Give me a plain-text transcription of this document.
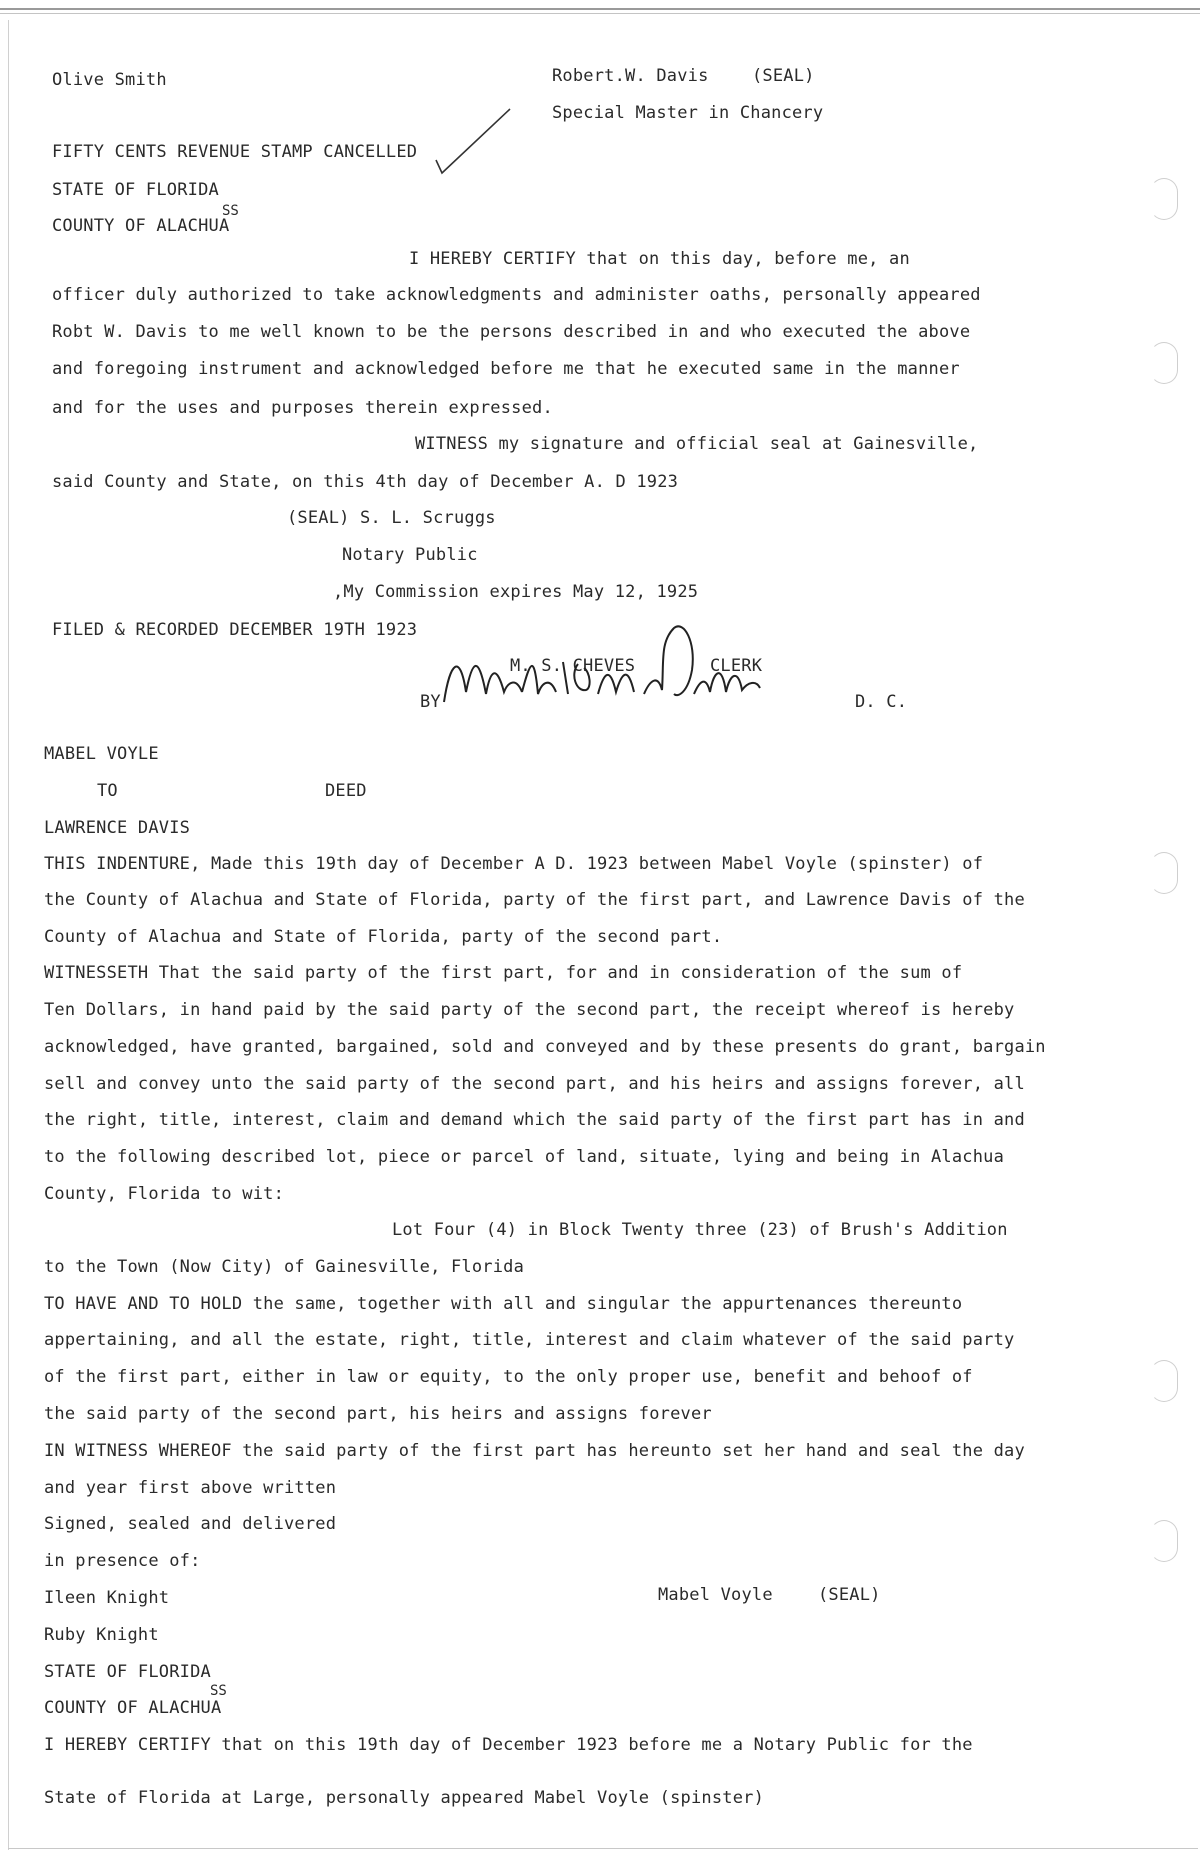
Olive Smith	Robert.W. Davis	(SEAL)
Special Master in Chancery
FIFTY CENTS REVENUE STAMP CANCELLED
STATE OF FLORIDA
SS
COUNTY OF ALACHUA
I HEREBY CERTIFY that on this day, before me, an
officer duly authorized to take acknowledgments and administer oaths, personally appeared
Robt W. Davis to me well known to be the persons described in and who executed the above
and foregoing instrument and acknowledged before me that he executed same in the manner
and for the uses and purposes therein expressed.
WITNESS my signature and official seal at Gainesville,
said County and State, on this 4th day of December A. D 1923
(SEAL) S. L. Scruggs
Notary Public
,My Commission expires May 12, 1925
FILED & RECORDED DECEMBER 19TH 1923
M. S. CHEVES	CLERK
BY	D. C.
MABEL VOYLE
TO	DEED
LAWRENCE DAVIS
THIS INDENTURE, Made this 19th day of December A D. 1923 between Mabel Voyle (spinster) of
the County of Alachua and State of Florida, party of the first part, and Lawrence Davis of the
County of Alachua and State of Florida, party of the second part.
WITNESSETH That the said party of the first part, for and in consideration of the sum of
Ten Dollars, in hand paid by the said party of the second part, the receipt whereof is hereby
acknowledged, have granted, bargained, sold and conveyed and by these presents do grant, bargain
sell and convey unto the said party of the second part, and his heirs and assigns forever, all
the right, title, interest, claim and demand which the said party of the first part has in and
to the following described lot, piece or parcel of land, situate, lying and being in Alachua
County, Florida to wit:
Lot Four (4) in Block Twenty three (23) of Brush's Addition
to the Town (Now City) of Gainesville, Florida
TO HAVE AND TO HOLD the same, together with all and singular the appurtenances thereunto
appertaining, and all the estate, right, title, interest and claim whatever of the said party
of the first part, either in law or equity, to the only proper use, benefit and behoof of
the said party of the second part, his heirs and assigns forever
IN WITNESS WHEREOF the said party of the first part has hereunto set her hand and seal the day
and year first above written
Signed, sealed and delivered
in presence of:
Ileen Knight	Mabel Voyle	(SEAL)
Ruby Knight
STATE OF FLORIDA
SS
COUNTY OF ALACHUA
I HEREBY CERTIFY that on this 19th day of December 1923 before me a Notary Public for the
State of Florida at Large, personally appeared Mabel Voyle (spinster)
